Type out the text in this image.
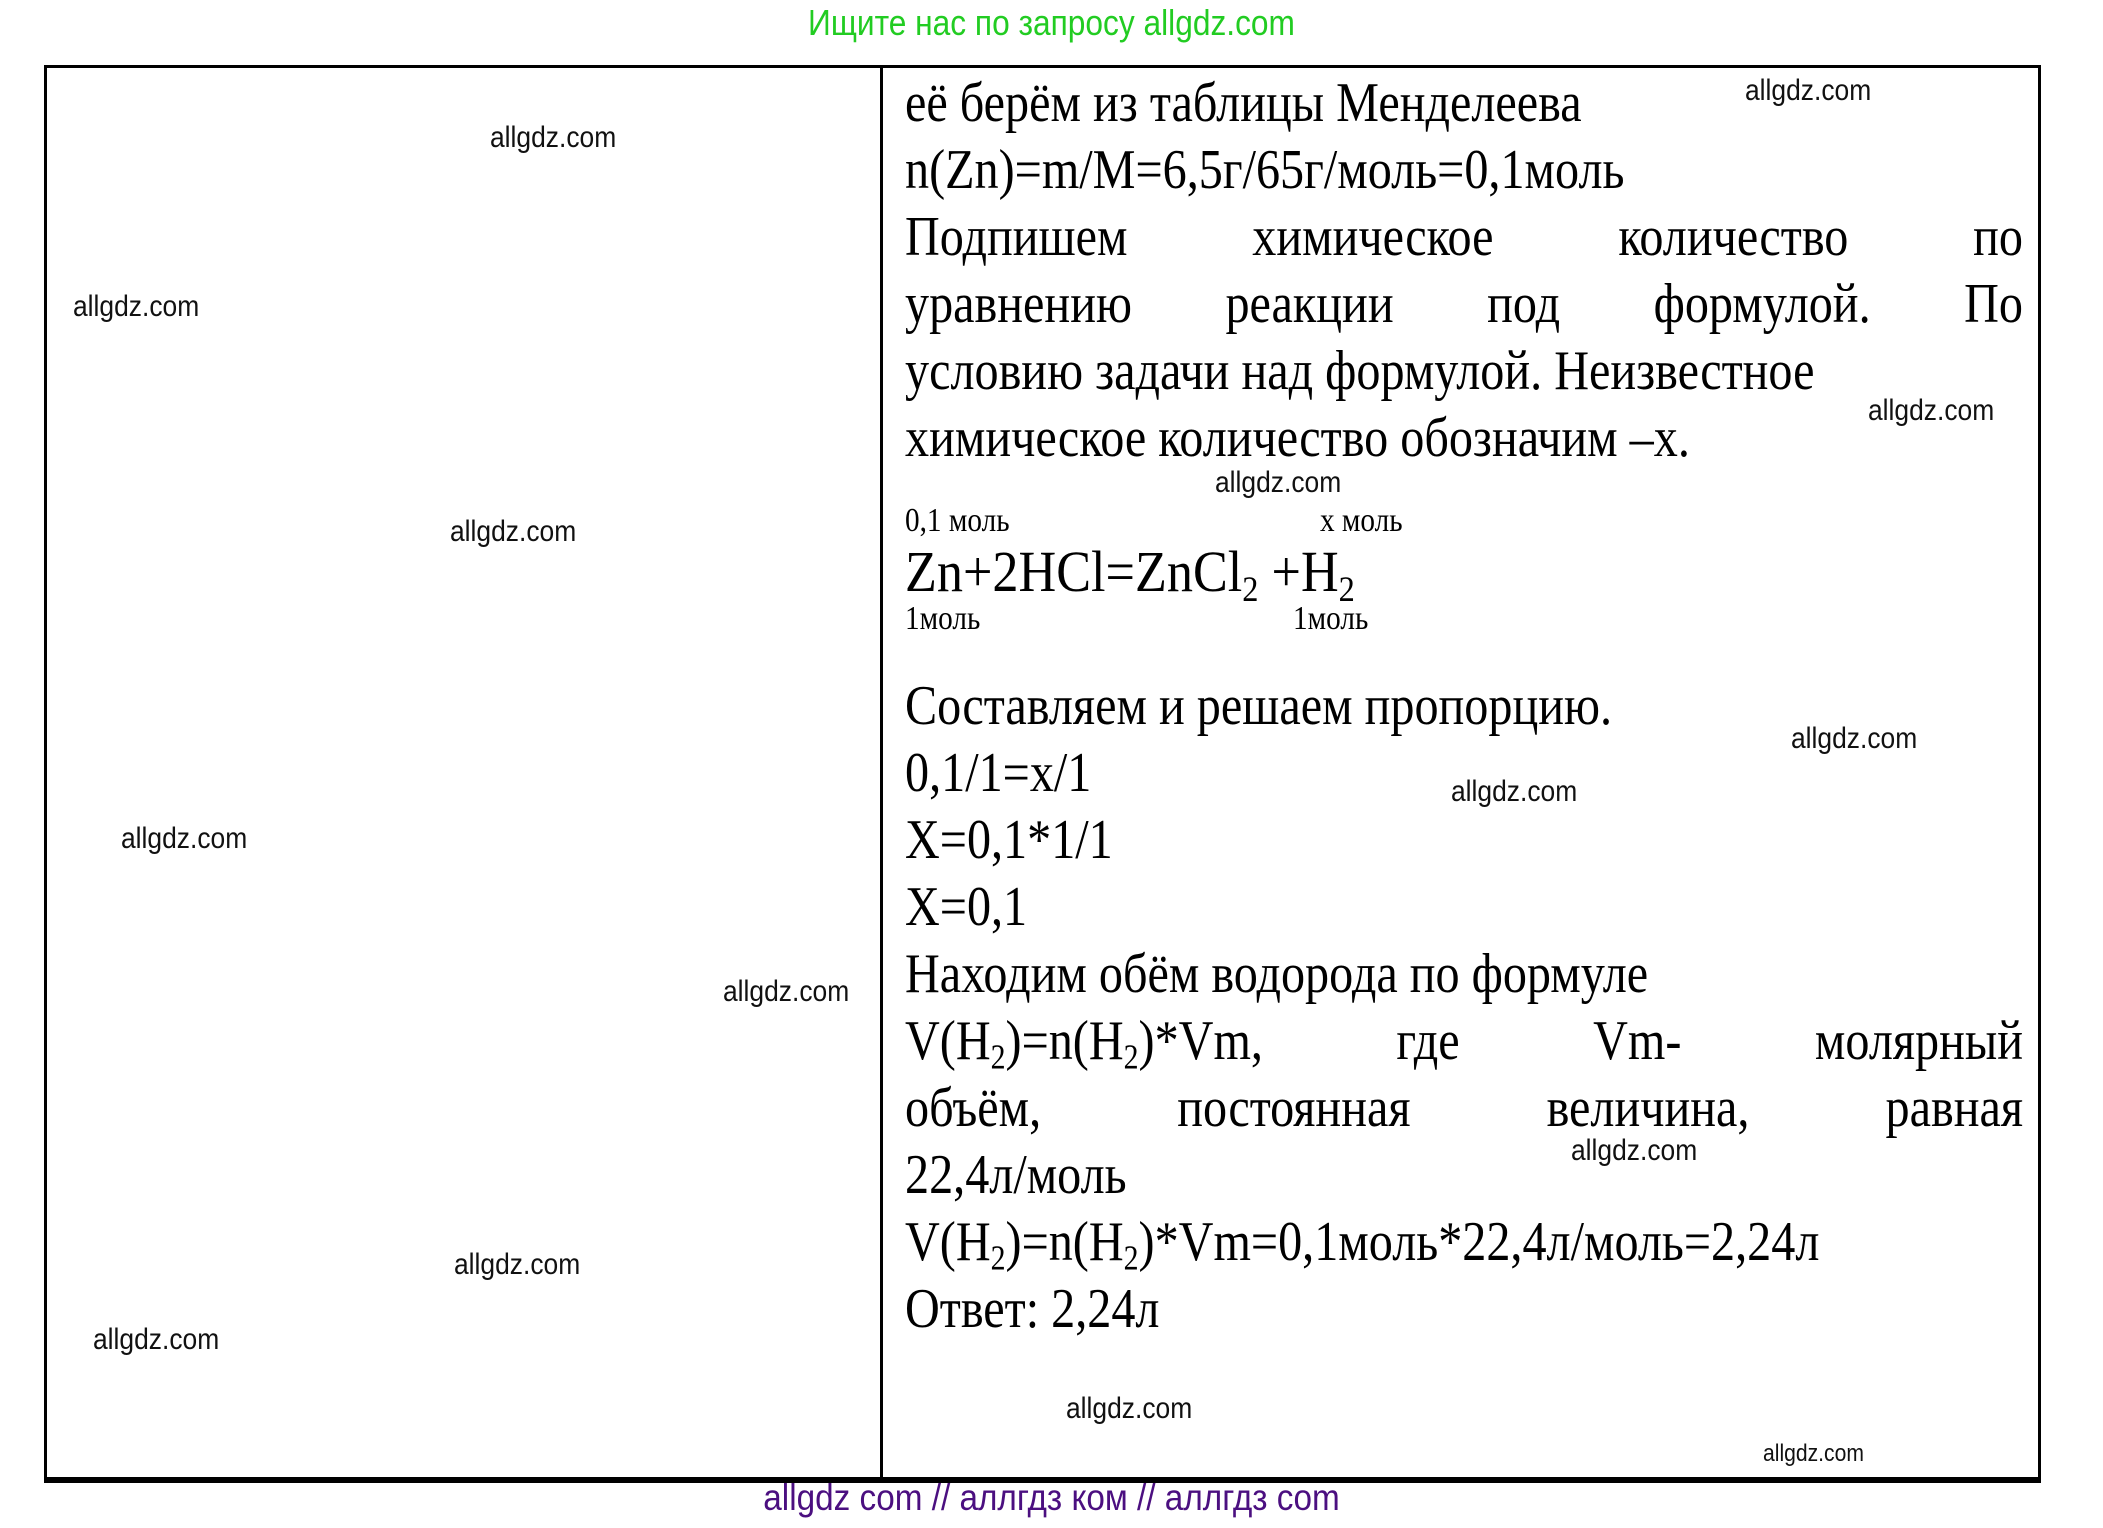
Ищите нас по запросу allgdz.com
allgdz.com
allgdz.com
allgdz.com
allgdz.com
allgdz.com
allgdz.com
allgdz.com
allgdz.com
allgdz.com
allgdz.com
allgdz.com
allgdz.com
allgdz.com
allgdz.com
allgdz.com
её берём из таблицы Менделеева
n(Zn)=m/M=6,5г/65г/моль=0,1моль
Подпишем химическое количество по
уравнению реакции под формулой. По
условию задачи над формулой. Неизвестное
химическое количество обозначим –х.
0,1 моль	х моль
Zn+2HCl=ZnCl$_2$ $+H_2$
1моль	1моль
Составляем и решаем пропорцию.
0,1/1=x/1
X=0,1*1/1
X=0,1
Находим обём водорода по формуле
$V(H_2)=n(H_2)*Vm$, где Vm- молярный
объём, постоянная величина, равная
22,4л/моль
$V(H_2)=n(H_2)*Vm=0,1моль*22,4л/моль=2,24л$
Ответ: 2,24л
allgdz com // аллгдз ком // аллгдз com
